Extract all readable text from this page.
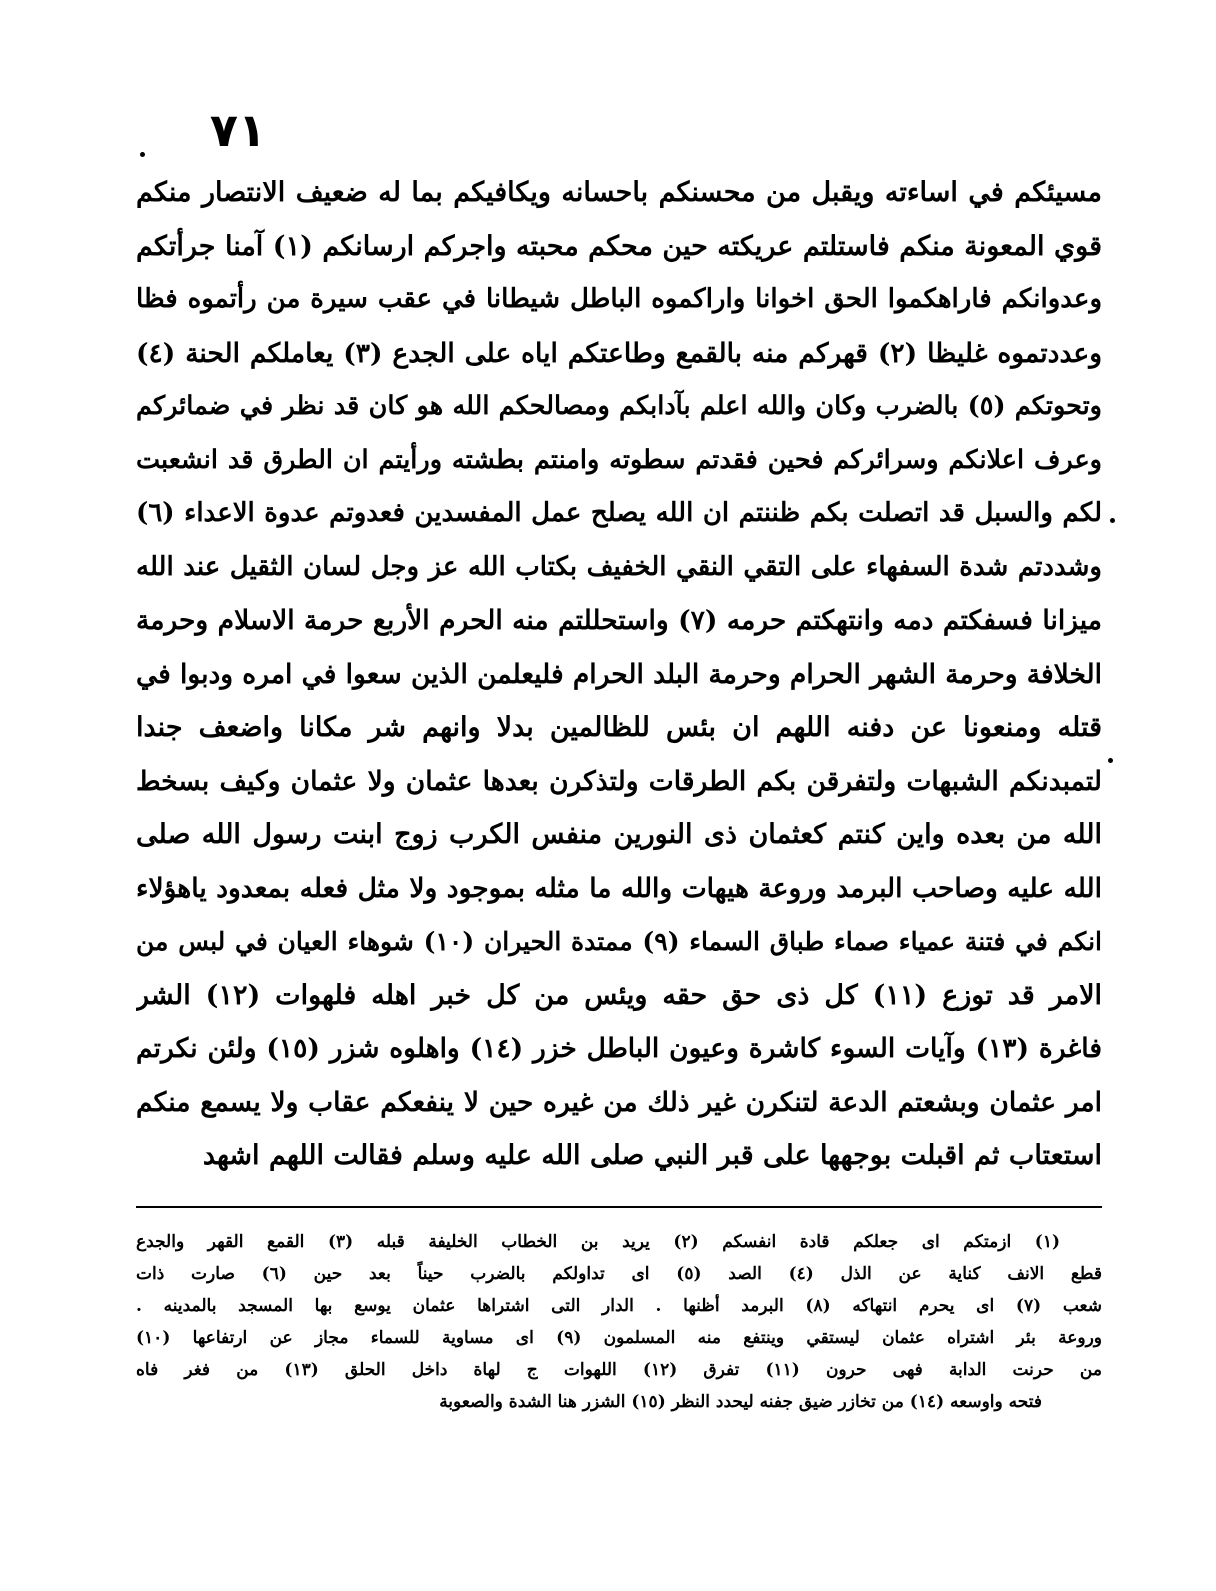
٧١
مسيئكم في اساءته ويقبل من محسنكم باحسانه ويكافيكم بما له ضعيف الانتصار منكم
قوي المعونة منكم فاستلتم عريكته حين محكم محبته واجركم ارسانكم (١) آمنا جرأتكم
وعدوانكم فاراهكموا الحق اخوانا واراكموه الباطل شيطانا في عقب سيرة من رأتموه فظا
وعددتموه غليظا (٢) قهركم منه بالقمع وطاعتكم اياه على الجدع (٣) يعاملكم الحنة (٤)
وتحوتكم (٥) بالضرب وكان والله اعلم بآدابكم ومصالحكم الله هو كان قد نظر في ضمائركم
وعرف اعلانكم وسرائركم فحين فقدتم سطوته وامنتم بطشته ورأيتم ان الطرق قد انشعبت
لكم والسبل قد اتصلت بكم ظننتم ان الله يصلح عمل المفسدين فعدوتم عدوة الاعداء (٦)
وشددتم شدة السفهاء على التقي النقي الخفيف بكتاب الله عز وجل لسان الثقيل عند الله
ميزانا فسفكتم دمه وانتهكتم حرمه (٧) واستحللتم منه الحرم الأربع حرمة الاسلام وحرمة
الخلافة وحرمة الشهر الحرام وحرمة البلد الحرام فليعلمن الذين سعوا في امره ودبوا في
قتله ومنعونا عن دفنه اللهم ان بئس للظالمين بدلا وانهم شر مكانا واضعف جندا
لتمبدنكم الشبهات ولتفرقن بكم الطرقات ولتذكرن بعدها عثمان ولا عثمان وكيف بسخط
الله من بعده واين كنتم كعثمان ذى النورين منفس الكرب زوج ابنت رسول الله صلى
الله عليه وصاحب البرمد وروعة هيهات والله ما مثله بموجود ولا مثل فعله بمعدود ياهؤلاء
انكم في فتنة عمياء صماء طباق السماء (٩) ممتدة الحيران (١٠) شوهاء العيان في لبس من
الامر قد توزع (١١) كل ذى حق حقه ويئس من كل خبر اهله فلهوات (١٢) الشر
فاغرة (١٣) وآيات السوء كاشرة وعيون الباطل خزر (١٤) واهلوه شزر (١٥) ولئن نكرتم
امر عثمان وبشعتم الدعة لتنكرن غير ذلك من غيره حين لا ينفعكم عقاب ولا يسمع منكم
استعتاب ثم اقبلت بوجهها على قبر النبي صلى الله عليه وسلم فقالت اللهم اشهد
(١) ازمتكم اى جعلكم قادة انفسكم (٢) يريد بن الخطاب الخليفة قبله (٣) القمع القهر والجدع
قطع الانف كناية عن الذل (٤) الصد (٥) اى تداولكم بالضرب حيناً بعد حين (٦) صارت ذات
شعب (٧) اى يحرم انتهاكه (٨) البرمد أظنها . الدار التى اشتراها عثمان يوسع بها المسجد بالمدينه .
وروعة بئر اشتراه عثمان ليستقي وينتفع منه المسلمون (٩) اى مساوية للسماء مجاز عن ارتفاعها (١٠)
من حرنت الدابة فهى حرون (١١) تفرق (١٢) اللهوات ج لهاة داخل الحلق (١٣) من فغر فاه
فتحه واوسعه (١٤) من تخازر ضيق جفنه ليحدد النظر (١٥) الشزر هنا الشدة والصعوبة
